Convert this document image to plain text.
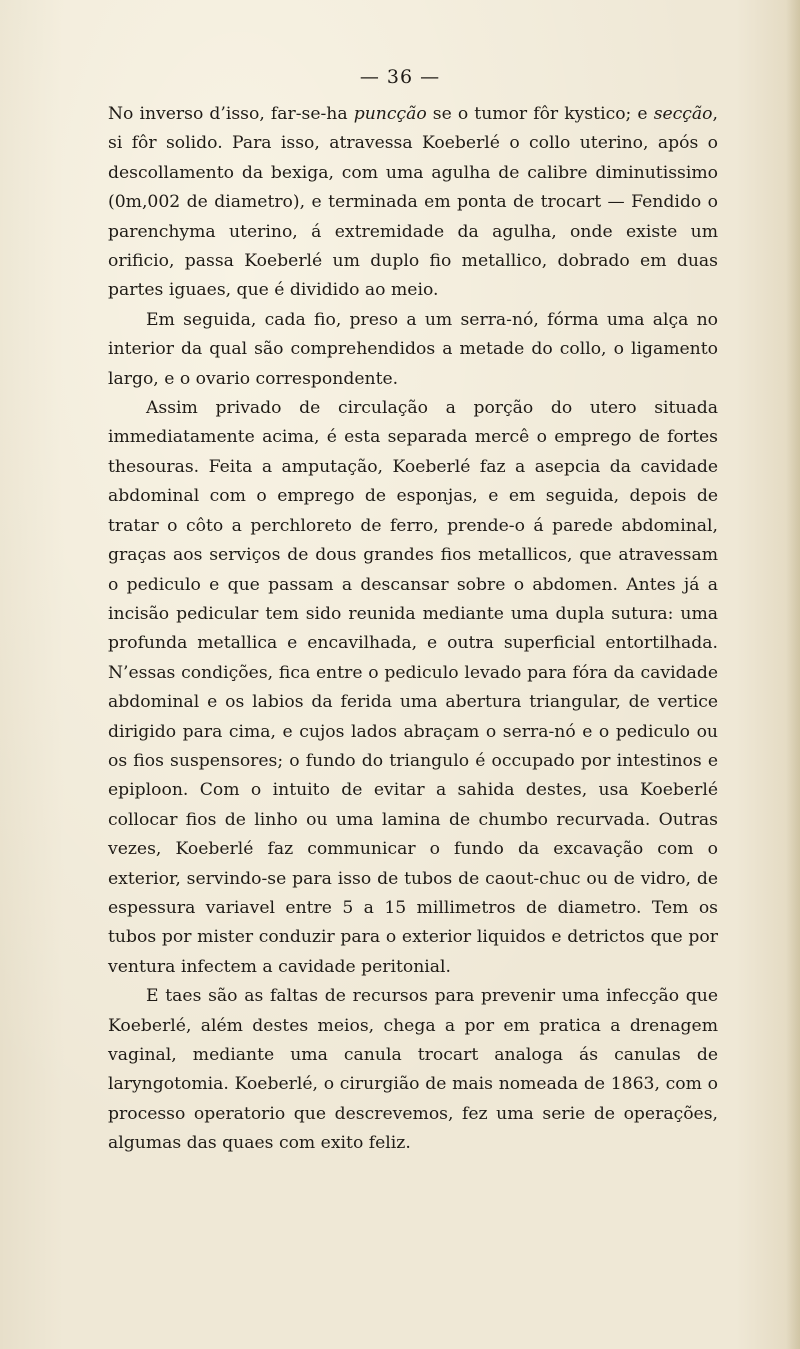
— 36 —

No inverso d’isso, far-se-ha puncção se o tumor fôr kystico; e secção, si fôr solido. Para isso, atravessa Koeberlé o collo uterino, após o descollamento da bexiga, com uma agulha de calibre diminutissimo (0m,002 de diametro), e terminada em ponta de trocart — Fendido o parenchyma uterino, á extremidade da agulha, onde existe um orificio, passa Koeberlé um duplo fio metallico, dobrado em duas partes iguaes, que é dividido ao meio.

Em seguida, cada fio, preso a um serra-nó, fórma uma alça no interior da qual são comprehendidos a metade do collo, o ligamento largo, e o ovario correspondente.

Assim privado de circulação a porção do utero situada immediatamente acima, é esta separada mercê o emprego de fortes thesouras. Feita a amputação, Koeberlé faz a asepcia da cavidade abdominal com o emprego de esponjas, e em seguida, depois de tratar o côto a perchloreto de ferro, prende-o á parede abdominal, graças aos serviços de dous grandes fios metallicos, que atravessam o pediculo e que passam a descansar sobre o abdomen. Antes já a incisão pedicular tem sido reunida mediante uma dupla sutura: uma profunda metallica e encavilhada, e outra superficial entortilhada. N’essas condições, fica entre o pediculo levado para fóra da cavidade abdominal e os labios da ferida uma abertura triangular, de vertice dirigido para cima, e cujos lados abraçam o serra-nó e o pediculo ou os fios suspensores; o fundo do triangulo é occupado por intestinos e epiploon. Com o intuito de evitar a sahida destes, usa Koeberlé collocar fios de linho ou uma lamina de chumbo recurvada. Outras vezes, Koeberlé faz communicar o fundo da excavação com o exterior, servindo-se para isso de tubos de caout-chuc ou de vidro, de espessura variavel entre 5 a 15 millimetros de diametro. Tem os tubos por mister conduzir para o exterior liquidos e detrictos que por ventura infectem a cavidade peritonial.

E taes são as faltas de recursos para prevenir uma infecção que Koeberlé, além destes meios, chega a por em pratica a drenagem vaginal, mediante uma canula trocart analoga ás canulas de laryngotomia. Koeberlé, o cirurgião de mais nomeada de 1863, com o processo operatorio que descrevemos, fez uma serie de operações, algumas das quaes com exito feliz.
